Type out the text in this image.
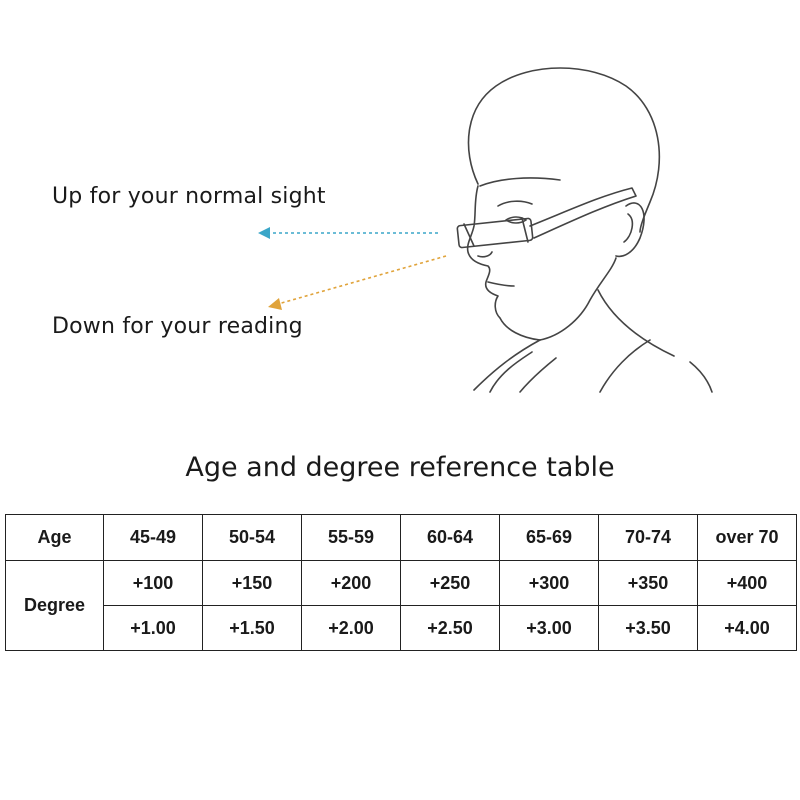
Up for your normal sight
Down for your reading
Age and degree reference table
Age	45-49	50-54	55-59	60-64	65-69	70-74	over 70
Degree	+100	+150	+200	+250	+300	+350	+400
	+1.00	+1.50	+2.00	+2.50	+3.00	+3.50	+4.00
